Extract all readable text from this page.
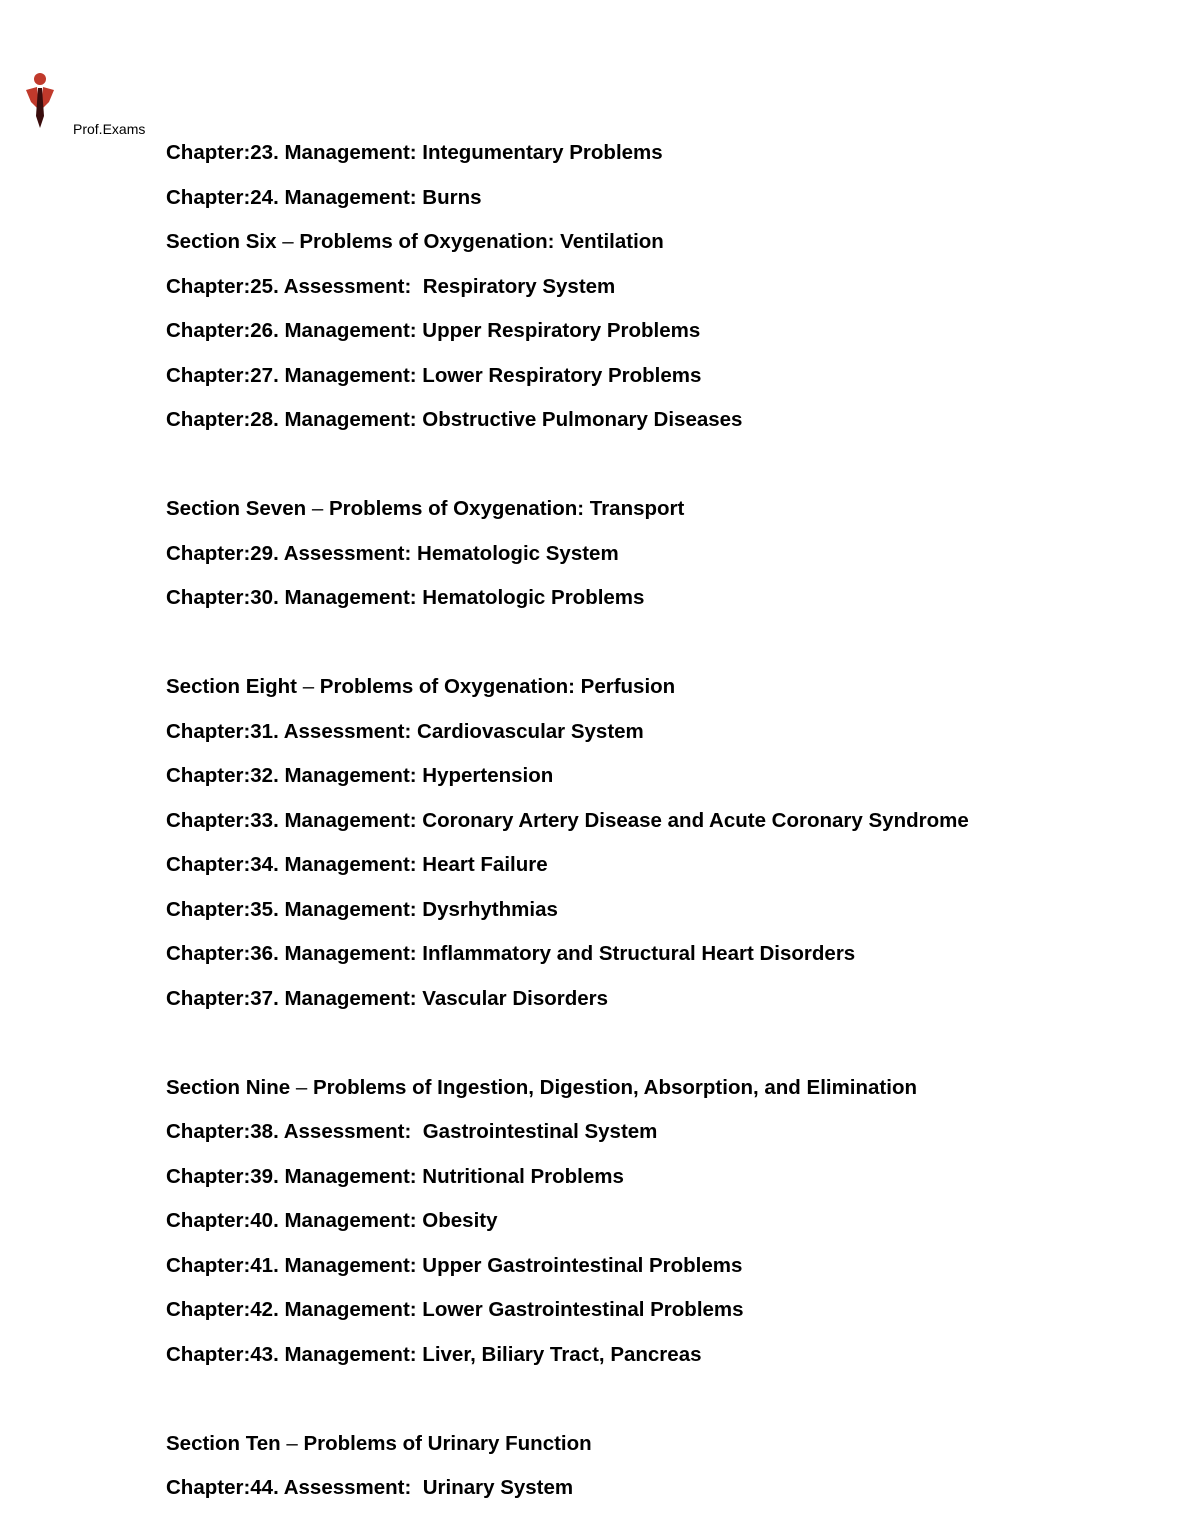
Prof.Exams
Chapter:23. Management: Integumentary Problems
Chapter:24. Management: Burns
Section Six – Problems of Oxygenation: Ventilation
Chapter:25. Assessment:  Respiratory System
Chapter:26. Management: Upper Respiratory Problems
Chapter:27. Management: Lower Respiratory Problems
Chapter:28. Management: Obstructive Pulmonary Diseases
Section Seven – Problems of Oxygenation: Transport
Chapter:29. Assessment: Hematologic System
Chapter:30. Management: Hematologic Problems
Section Eight – Problems of Oxygenation: Perfusion
Chapter:31. Assessment: Cardiovascular System
Chapter:32. Management: Hypertension
Chapter:33. Management: Coronary Artery Disease and Acute Coronary Syndrome
Chapter:34. Management: Heart Failure
Chapter:35. Management: Dysrhythmias
Chapter:36. Management: Inflammatory and Structural Heart Disorders
Chapter:37. Management: Vascular Disorders
Section Nine – Problems of Ingestion, Digestion, Absorption, and Elimination
Chapter:38. Assessment:  Gastrointestinal System
Chapter:39. Management: Nutritional Problems
Chapter:40. Management: Obesity
Chapter:41. Management: Upper Gastrointestinal Problems
Chapter:42. Management: Lower Gastrointestinal Problems
Chapter:43. Management: Liver, Biliary Tract, Pancreas
Section Ten – Problems of Urinary Function
Chapter:44. Assessment:  Urinary System
